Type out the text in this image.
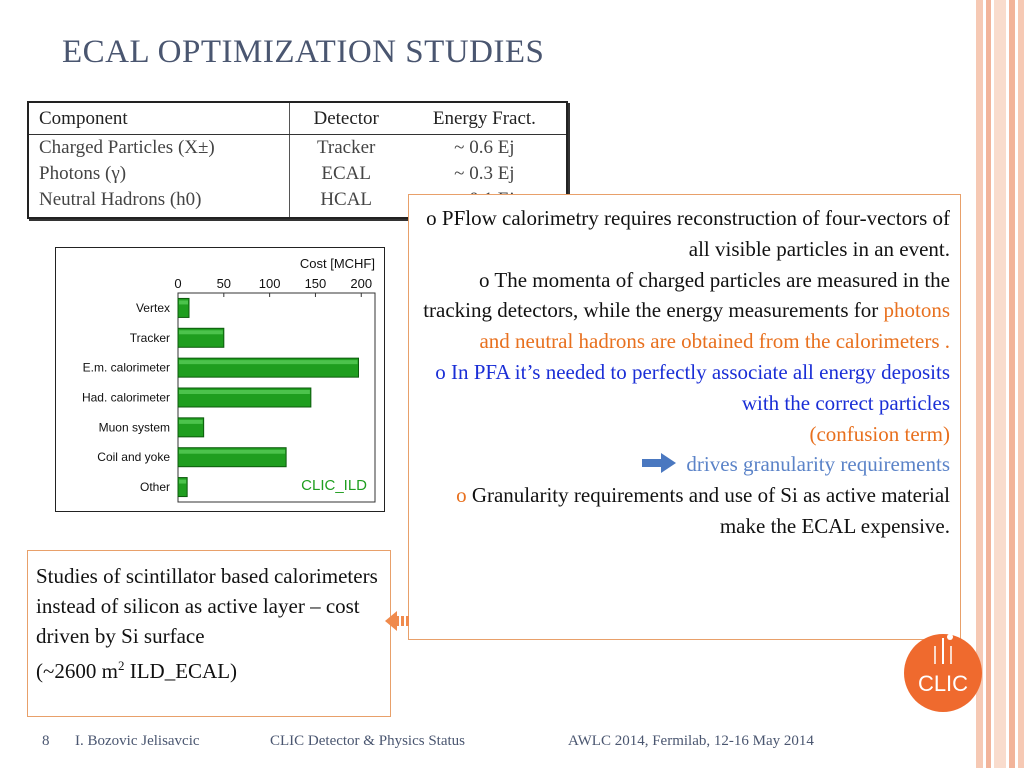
ECAL OPTIMIZATION STUDIES
Component	Detector	Energy Fract.
Charged Particles (X±)	Tracker	~ 0.6 Ej
Photons (γ)	ECAL	~ 0.3 Ej
Neutral Hadrons (h0)	HCAL	
Cost [MCHF]
0	50 100 150 200
Vertex
Tracker
E.m. calorimeter
Had. calorimeter
Muon system
Coil and yoke
Other	CLIC_ILD
o PFlow calorimetry requires reconstruction of four-vectors of all visible particles in an event.
o The momenta of charged particles are measured in the tracking detectors, while the energy measurements for photons and neutral hadrons are obtained from the calorimeters .
o In PFA it’s needed to perfectly associate all energy deposits with the correct particles
(confusion term)
drives granularity requirements
o Granularity requirements and use of Si as active material make the ECAL expensive.
Studies of scintillator based calorimeters instead of silicon as active layer – cost driven by Si surface
(~2600 $m^2$ ILD_ECAL)	CLIC
8 I. Bozovic Jelisavcic	CLIC Detector & Physics Status	AWLC 2014, Fermilab, 12-16 May 2014
